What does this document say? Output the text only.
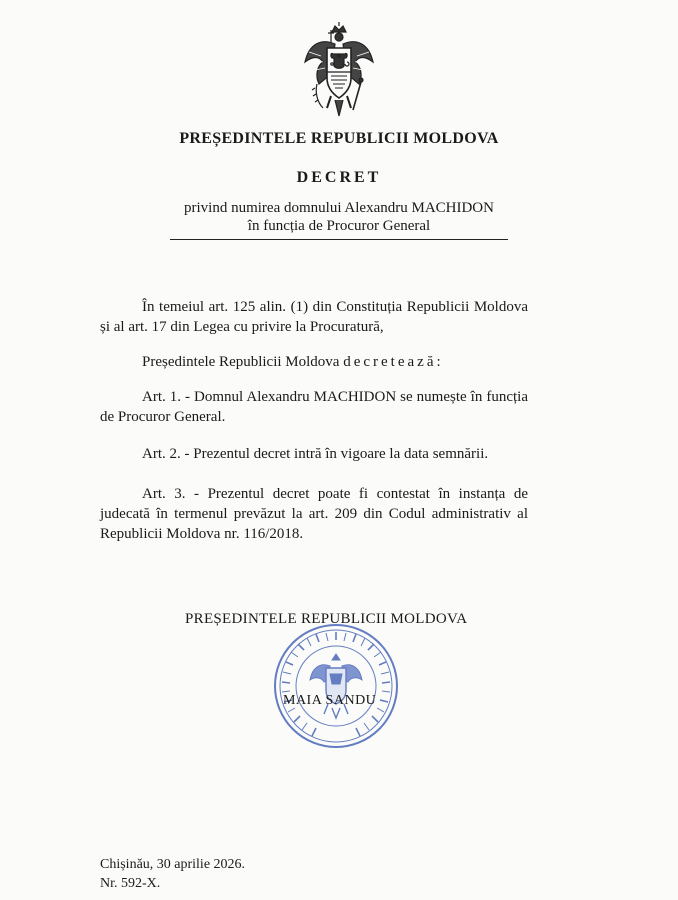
PREȘEDINTELE REPUBLICII MOLDOVA
DECRET
privind numirea domnului Alexandru MACHIDON
în funcția de Procuror General
În temeiul art. 125 alin. (1) din Constituția Republicii Moldova și al art. 17 din Legea cu privire la Procuratură,
Președintele Republicii Moldova decretează:
Art. 1. - Domnul Alexandru MACHIDON se numește în funcția de Procuror General.
Art. 2. - Prezentul decret intră în vigoare la data semnării.
Art. 3. - Prezentul decret poate fi contestat în instanța de judecată în termenul prevăzut la art. 209 din Codul administrativ al Republicii Moldova nr. 116/2018.
PREȘEDINTELE REPUBLICII MOLDOVA
MAIA SANDU
Chișinău, 30 aprilie 2026.
Nr. 592-X.
